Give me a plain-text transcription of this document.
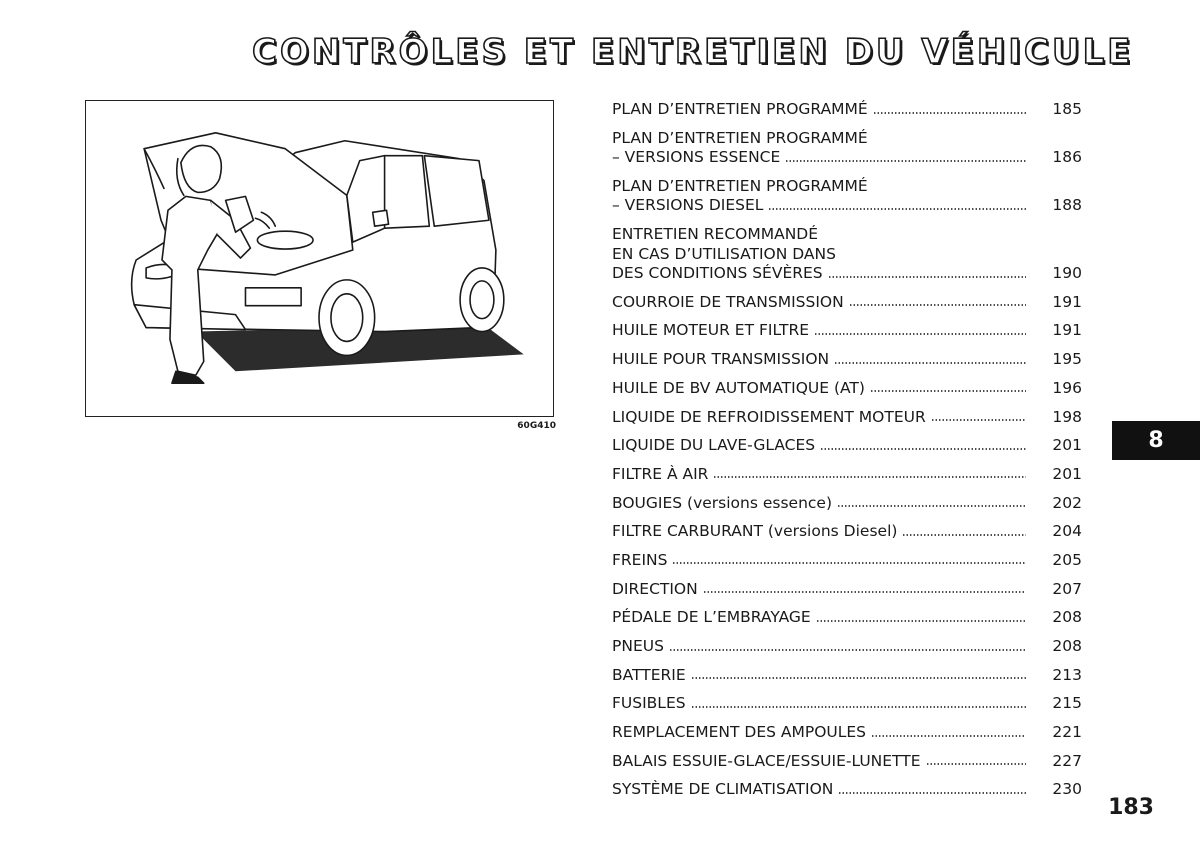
CONTRÔLES ET ENTRETIEN DU VÉHICULE
60G410
PLAN D’ENTRETIEN PROGRAMMÉ	185
PLAN D’ENTRETIEN PROGRAMMÉ
– VERSIONS ESSENCE	186
PLAN D’ENTRETIEN PROGRAMMÉ
– VERSIONS DIESEL	188
ENTRETIEN RECOMMANDÉ
EN CAS D’UTILISATION DANS
DES CONDITIONS SÉVÈRES	190
COURROIE DE TRANSMISSION	191
HUILE MOTEUR ET FILTRE	191
HUILE POUR TRANSMISSION	195
HUILE DE BV AUTOMATIQUE (AT)	196
LIQUIDE DE REFROIDISSEMENT MOTEUR	198
LIQUIDE DU LAVE-GLACES	201
FILTRE À AIR	201
BOUGIES (versions essence)	202
FILTRE CARBURANT (versions Diesel)	204
FREINS	205
DIRECTION	207
PÉDALE DE L’EMBRAYAGE	208
PNEUS	208
BATTERIE	213
FUSIBLES	215
REMPLACEMENT DES AMPOULES	221
BALAIS ESSUIE-GLACE/ESSUIE-LUNETTE	227
SYSTÈME DE CLIMATISATION	230
8
183
